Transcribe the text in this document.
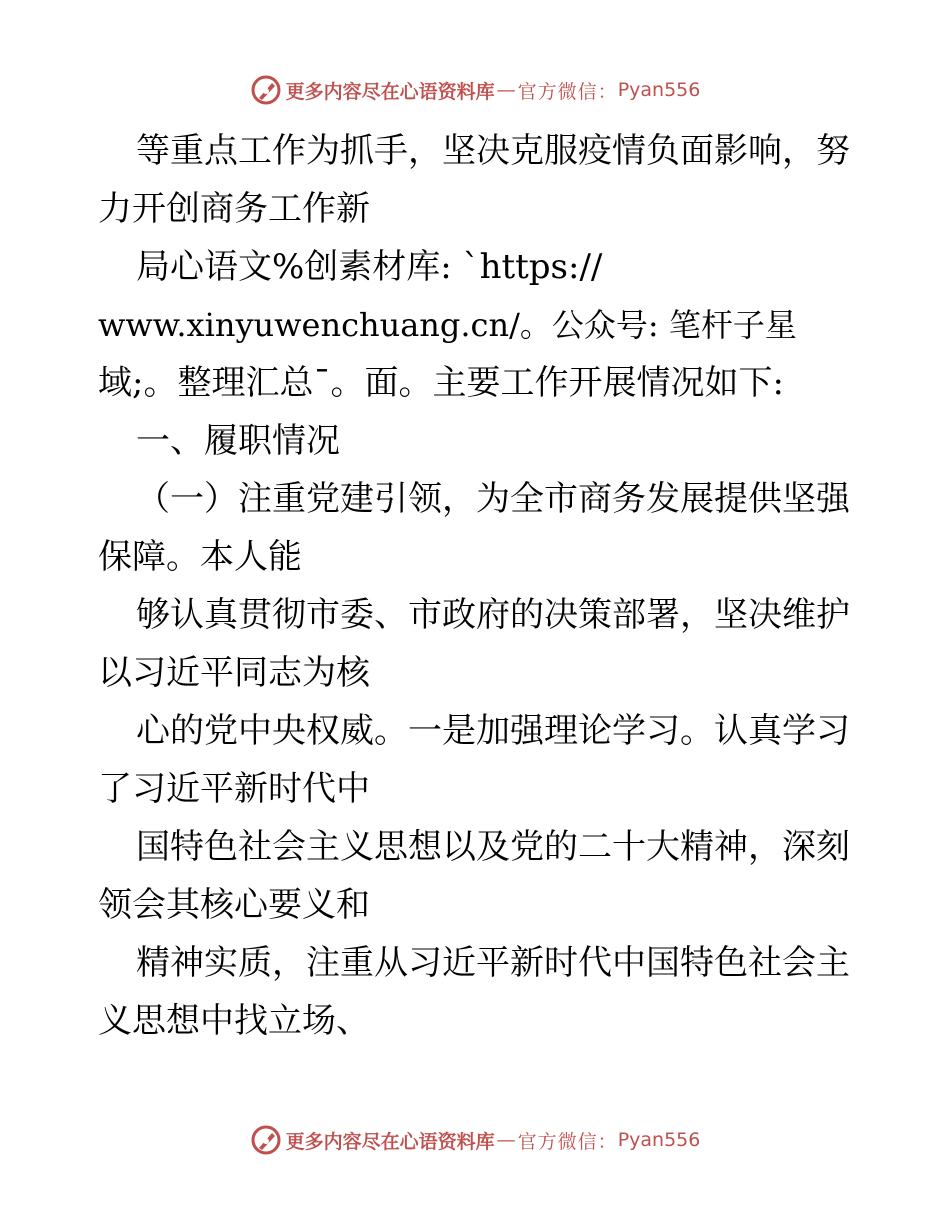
更多内容尽在心语资料库 — 官方微信： Pyan556
等重点工作为抓手，坚决克服疫情负面影响，努
力开创商务工作新
局心语文%创素材库: `https://
www.xinyuwenchuang.cn/。公众号: 笔杆子星
域;。整理汇总¯。面。主要工作开展情况如下:
一、履职情况
（一）注重党建引领，为全市商务发展提供坚强
保障。本人能
够认真贯彻市委、市政府的决策部署，坚决维护
以习近平同志为核
心的党中央权威。一是加强理论学习。认真学习
了习近平新时代中
国特色社会主义思想以及党的二十大精神，深刻
领会其核心要义和
精神实质，注重从习近平新时代中国特色社会主
义思想中找立场、
更多内容尽在心语资料库 — 官方微信： Pyan556
